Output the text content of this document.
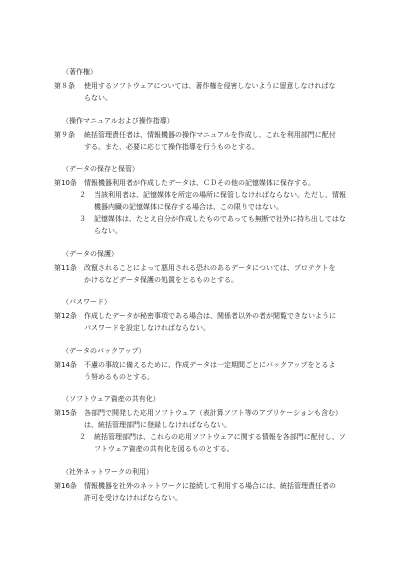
（著作権）
第８条	使用するソフトウェアについては、著作権を侵害しないように留意しなければな
らない。
（操作マニュアルおよび操作指導）
第９条	統括管理責任者は、情報機器の操作マニュアルを作成し、これを利用部門に配付
する。また、必要に応じて操作指導を行うものとする。
（データの保存と保管）
第10条	情報機器利用者が作成したデータは、ＣＤその他の記憶媒体に保存する。
２	当該利用者は、記憶媒体を所定の場所に保管しなければならない。ただし、情報
機器内臓の記憶媒体に保存する場合は、この限りではない。
３	記憶媒体は、たとえ自分が作成したものであっても無断で社外に持ち出してはな
らない。
（データの保護）
第11条	改竄されることによって悪用される恐れのあるデータについては、プロテクトを
かけるなどデータ保護の処置をとるものとする。
（パスワード）
第12条	作成したデータが秘密事項である場合は、関係者以外の者が閲覧できないように
パスワードを設定しなければならない。
（データのバックアップ）
第14条	不慮の事故に備えるために、作成データは一定期間ごとにバックアップをとるよ
う努めるものとする。
（ソフトウェア資産の共有化）
第15条	各部門で開発した応用ソフトウェア（表計算ソフト等のアプリケーションも含む）
は、統括管理部門に登録しなければならない。
２	統括管理部門は、これらの応用ソフトウェアに関する情報を各部門に配付し、ソ
フトウェア資産の共有化を図るものとする。
（社外ネットワークの利用）
第16条	情報機器を社外のネットワークに接続して利用する場合には、統括管理責任者の
許可を受けなければならない。
